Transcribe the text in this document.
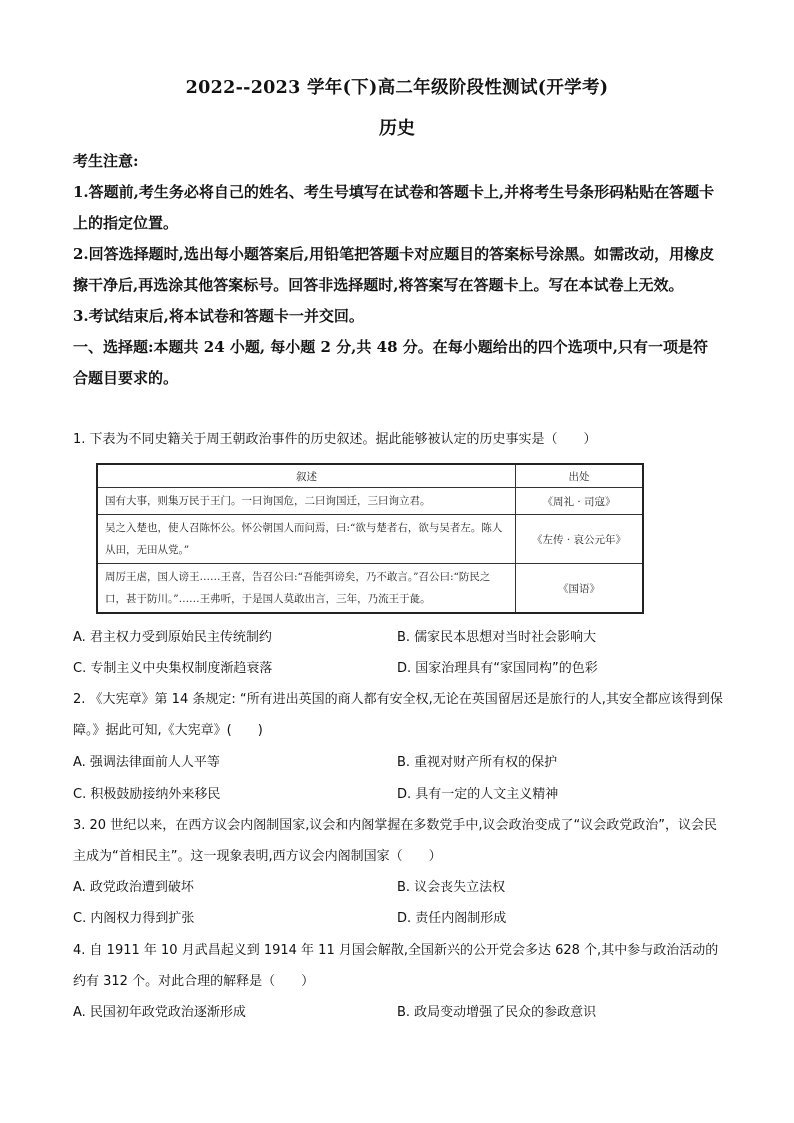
2022--2023 学年(下)高二年级阶段性测试(开学考)
历史

考生注意:

1.答题前,考生务必将自己的姓名、考生号填写在试卷和答题卡上,并将考生号条形码粘贴在答题卡上的指定位置。

2.回答选择题时,选出每小题答案后,用铅笔把答题卡对应题目的答案标号涂黑。如需改动，用橡皮擦干净后,再选涂其他答案标号。回答非选择题时,将答案写在答题卡上。写在本试卷上无效。

3.考试结束后,将本试卷和答题卡一并交回。

一、选择题:本题共 24 小题, 每小题 2 分,共 48 分。在每小题给出的四个选项中,只有一项是符合题目要求的。

1. 下表为不同史籍关于周王朝政治事件的历史叙述。据此能够被认定的历史事实是（　　）

叙述	出处
国有大事，则集万民于王门。一曰询国危，二曰询国迁，三曰询立君。	《周礼 · 司寇》
吴之入楚也，使人召陈怀公。怀公朝国人而问焉，曰:“欲与楚者右，欲与吴者左。陈人从田，无田从党。”	《左传 · 哀公元年》
周厉王虐，国人谤王……王喜，告召公曰:“吾能弭谤矣，乃不敢言。”召公曰:“防民之口，甚于防川。”……王弗听，于是国人莫敢出言，三年，乃流王于彘。	《国语》
A. 君主权力受到原始民主传统制约	B. 儒家民本思想对当时社会影响大
C. 专制主义中央集权制度渐趋衰落	D. 国家治理具有“家国同构”的色彩

2. 《大宪章》第 14 条规定: “所有进出英国的商人都有安全权,无论在英国留居还是旅行的人,其安全都应该得到保障。》据此可知,《大宪章》(　　)

A. 强调法律面前人人平等	B. 重视对财产所有权的保护
C. 积极鼓励接纳外来移民	D. 具有一定的人文主义精神

3. 20 世纪以来，在西方议会内阁制国家,议会和内阁掌握在多数党手中,议会政治变成了“议会政党政治”，议会民主成为“首相民主”。这一现象表明,西方议会内阁制国家（　　）

A. 政党政治遭到破坏	B. 议会丧失立法权
C. 内阁权力得到扩张	D. 责任内阁制形成

4. 自 1911 年 10 月武昌起义到 1914 年 11 月国会解散,全国新兴的公开党会多达 628 个,其中参与政治活动的约有 312 个。对此合理的解释是（　　）

A. 民国初年政党政治逐渐形成	B. 政局变动增强了民众的参政意识
